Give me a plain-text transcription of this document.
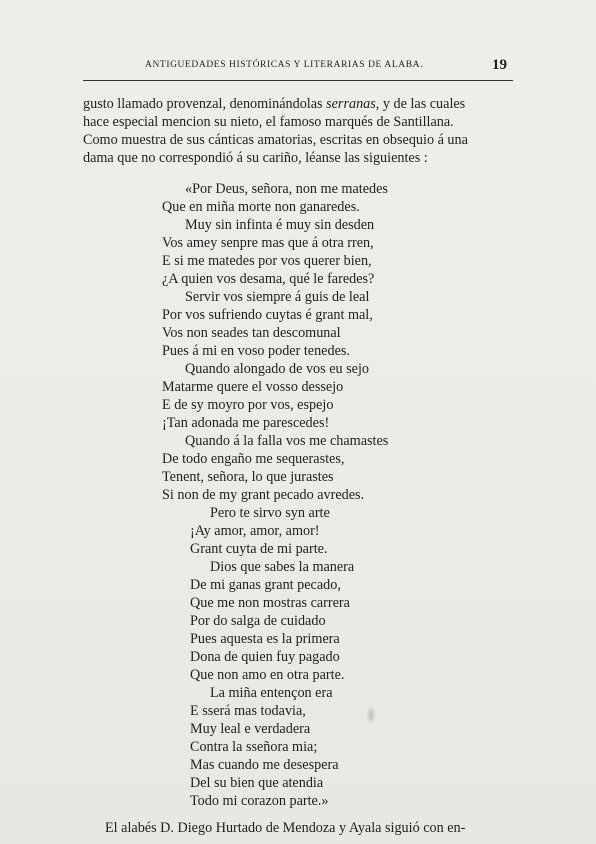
ANTIGUEDADES HISTÓRICAS Y LITERARIAS DE ALABA.	19
gusto llamado provenzal, denominándolas serranas, y de las cuales
hace especial mencion su nieto, el famoso marqués de Santillana.
Como muestra de sus cánticas amatorias, escritas en obsequio á una
dama que no correspondió á su cariño, léanse las siguientes :
«Por Deus, señora, non me matedes
Que en miña morte non ganaredes.
Muy sin infinta é muy sin desden
Vos amey senpre mas que á otra rren,
E si me matedes por vos querer bien,
¿A quien vos desama, qué le faredes?
Servir vos siempre á guis de leal
Por vos sufriendo cuytas é grant mal,
Vos non seades tan descomunal
Pues á mi en voso poder tenedes.
Quando alongado de vos eu sejo
Matarme quere el vosso dessejo
E de sy moyro por vos, espejo
¡Tan adonada me parescedes!
Quando á la falla vos me chamastes
De todo engaño me sequerastes,
Tenent, señora, lo que jurastes
Si non de my grant pecado avredes.
Pero te sirvo syn arte
¡Ay amor, amor, amor!
Grant cuyta de mi parte.
Dios que sabes la manera
De mi ganas grant pecado,
Que me non mostras carrera
Por do salga de cuidado
Pues aquesta es la primera
Dona de quien fuy pagado
Que non amo en otra parte.
La miña entençon era
E sserá mas todavia,
Muy leal e verdadera
Contra la sseñora mia;
Mas cuando me desespera
Del su bien que atendia
Todo mi corazon parte.»
El alabés D. Diego Hurtado de Mendoza y Ayala siguió con en-
